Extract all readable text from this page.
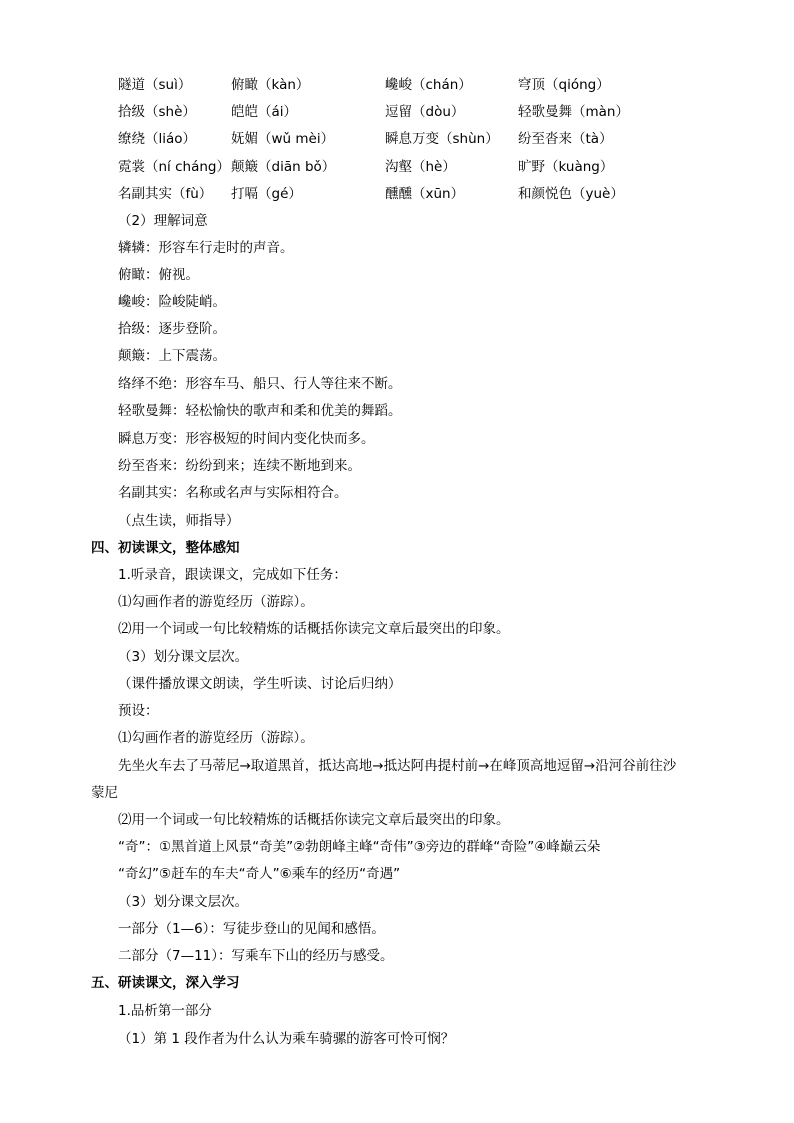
隧道（suì）	俯瞰（kàn）	巉峻（chán）	穹顶（qióng）
拾级（shè）	皑皑（ái）	逗留（dòu）	轻歌曼舞（màn）
缭绕（liáo）	妩媚（wǔ mèi）	瞬息万变（shùn） 纷至沓来（tà）
霓裳（ní cháng） 颠簸（diān bǒ）	沟壑（hè）	旷野（kuàng）
名副其实（fù） 打嗝（gé）	醺醺（xūn）	和颜悦色（yuè）
（2）理解词意
辚辚：形容车行走时的声音。
俯瞰：俯视。
巉峻：险峻陡峭。
拾级：逐步登阶。
颠簸：上下震荡。
络绎不绝：形容车马、船只、行人等往来不断。
轻歌曼舞：轻松愉快的歌声和柔和优美的舞蹈。
瞬息万变：形容极短的时间内变化快而多。
纷至沓来：纷纷到来；连续不断地到来。
名副其实：名称或名声与实际相符合。
（点生读，师指导）
四、初读课文，整体感知
1.听录音，跟读课文，完成如下任务：
⑴勾画作者的游览经历（游踪）。
⑵用一个词或一句比较精炼的话概括你读完文章后最突出的印象。
（3）划分课文层次。
（课件播放课文朗读，学生听读、讨论后归纳）
预设：
⑴勾画作者的游览经历（游踪）。
先坐火车去了马蒂尼→取道黑首，抵达高地→抵达阿冉提村前→在峰顶高地逗留→沿河谷前往沙
蒙尼
⑵用一个词或一句比较精炼的话概括你读完文章后最突出的印象。
“奇”：①黑首道上风景“奇美”②勃朗峰主峰“奇伟”③旁边的群峰“奇险”④峰巅云朵
“奇幻”⑤赶车的车夫“奇人”⑥乘车的经历“奇遇”
（3）划分课文层次。
一部分（1—6）：写徒步登山的见闻和感悟。
二部分（7—11）：写乘车下山的经历与感受。
五、研读课文，深入学习
1.品析第一部分
（1）第 1 段作者为什么认为乘车骑骡的游客可怜可悯？
